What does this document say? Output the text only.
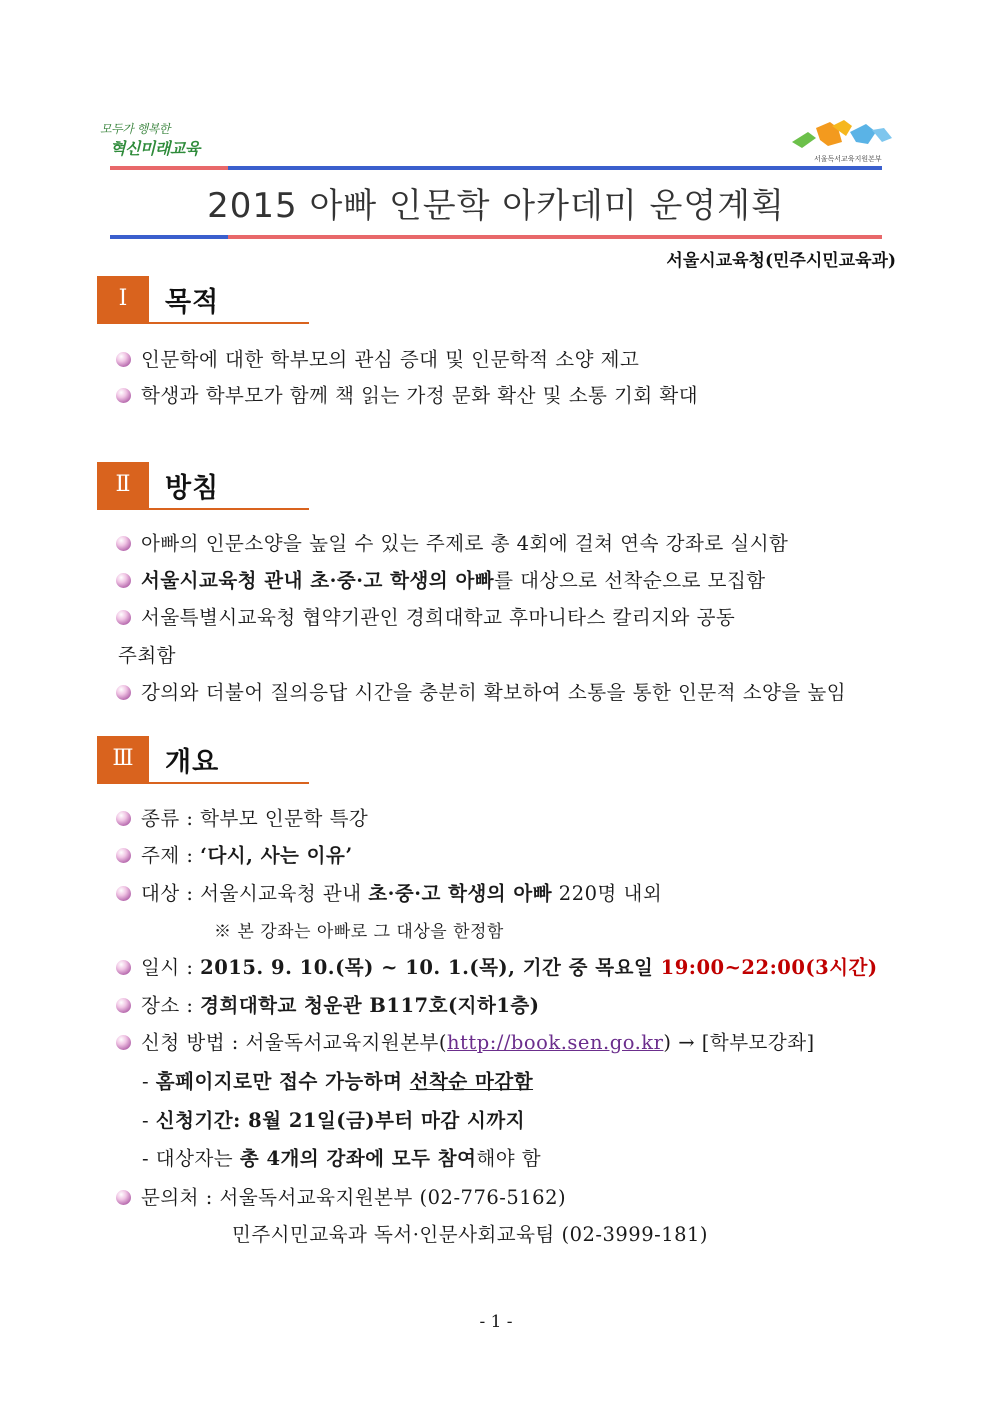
모두가 행복한
혁신미래교육
서울독서교육지원본부
2015 아빠 인문학 아카데미 운영계획
서울시교육청(민주시민교육과)
Ⅰ	목적
인문학에 대한 학부모의 관심 증대 및 인문학적 소양 제고
학생과 학부모가 함께 책 읽는 가정 문화 확산 및 소통 기회 확대
Ⅱ	방침
아빠의 인문소양을 높일 수 있는 주제로 총 4회에 걸쳐 연속 강좌로 실시함
서울시교육청 관내 초·중·고 학생의 아빠를 대상으로 선착순으로 모집함
서울특별시교육청 협약기관인 경희대학교 후마니타스 칼리지와 공동
주최함
강의와 더불어 질의응답 시간을 충분히 확보하여 소통을 통한 인문적 소양을 높임
Ⅲ	개요
종류 : 학부모 인문학 특강
주제 : ‘다시, 사는 이유’
대상 : 서울시교육청 관내 초·중·고 학생의 아빠 220명 내외
※ 본 강좌는 아빠로 그 대상을 한정함
일시 : 2015. 9. 10.(목) ~ 10. 1.(목), 기간 중 목요일 19:00~22:00(3시간)
장소 : 경희대학교 청운관 B117호(지하1층)
신청 방법 : 서울독서교육지원본부(http://book.sen.go.kr) → [학부모강좌]
- 홈페이지로만 접수 가능하며 선착순 마감함
- 신청기간: 8월 21일(금)부터 마감 시까지
- 대상자는 총 4개의 강좌에 모두 참여해야 함
문의처 : 서울독서교육지원본부 (02-776-5162)
민주시민교육과 독서·인문사회교육팀 (02-3999-181)
- 1 -
